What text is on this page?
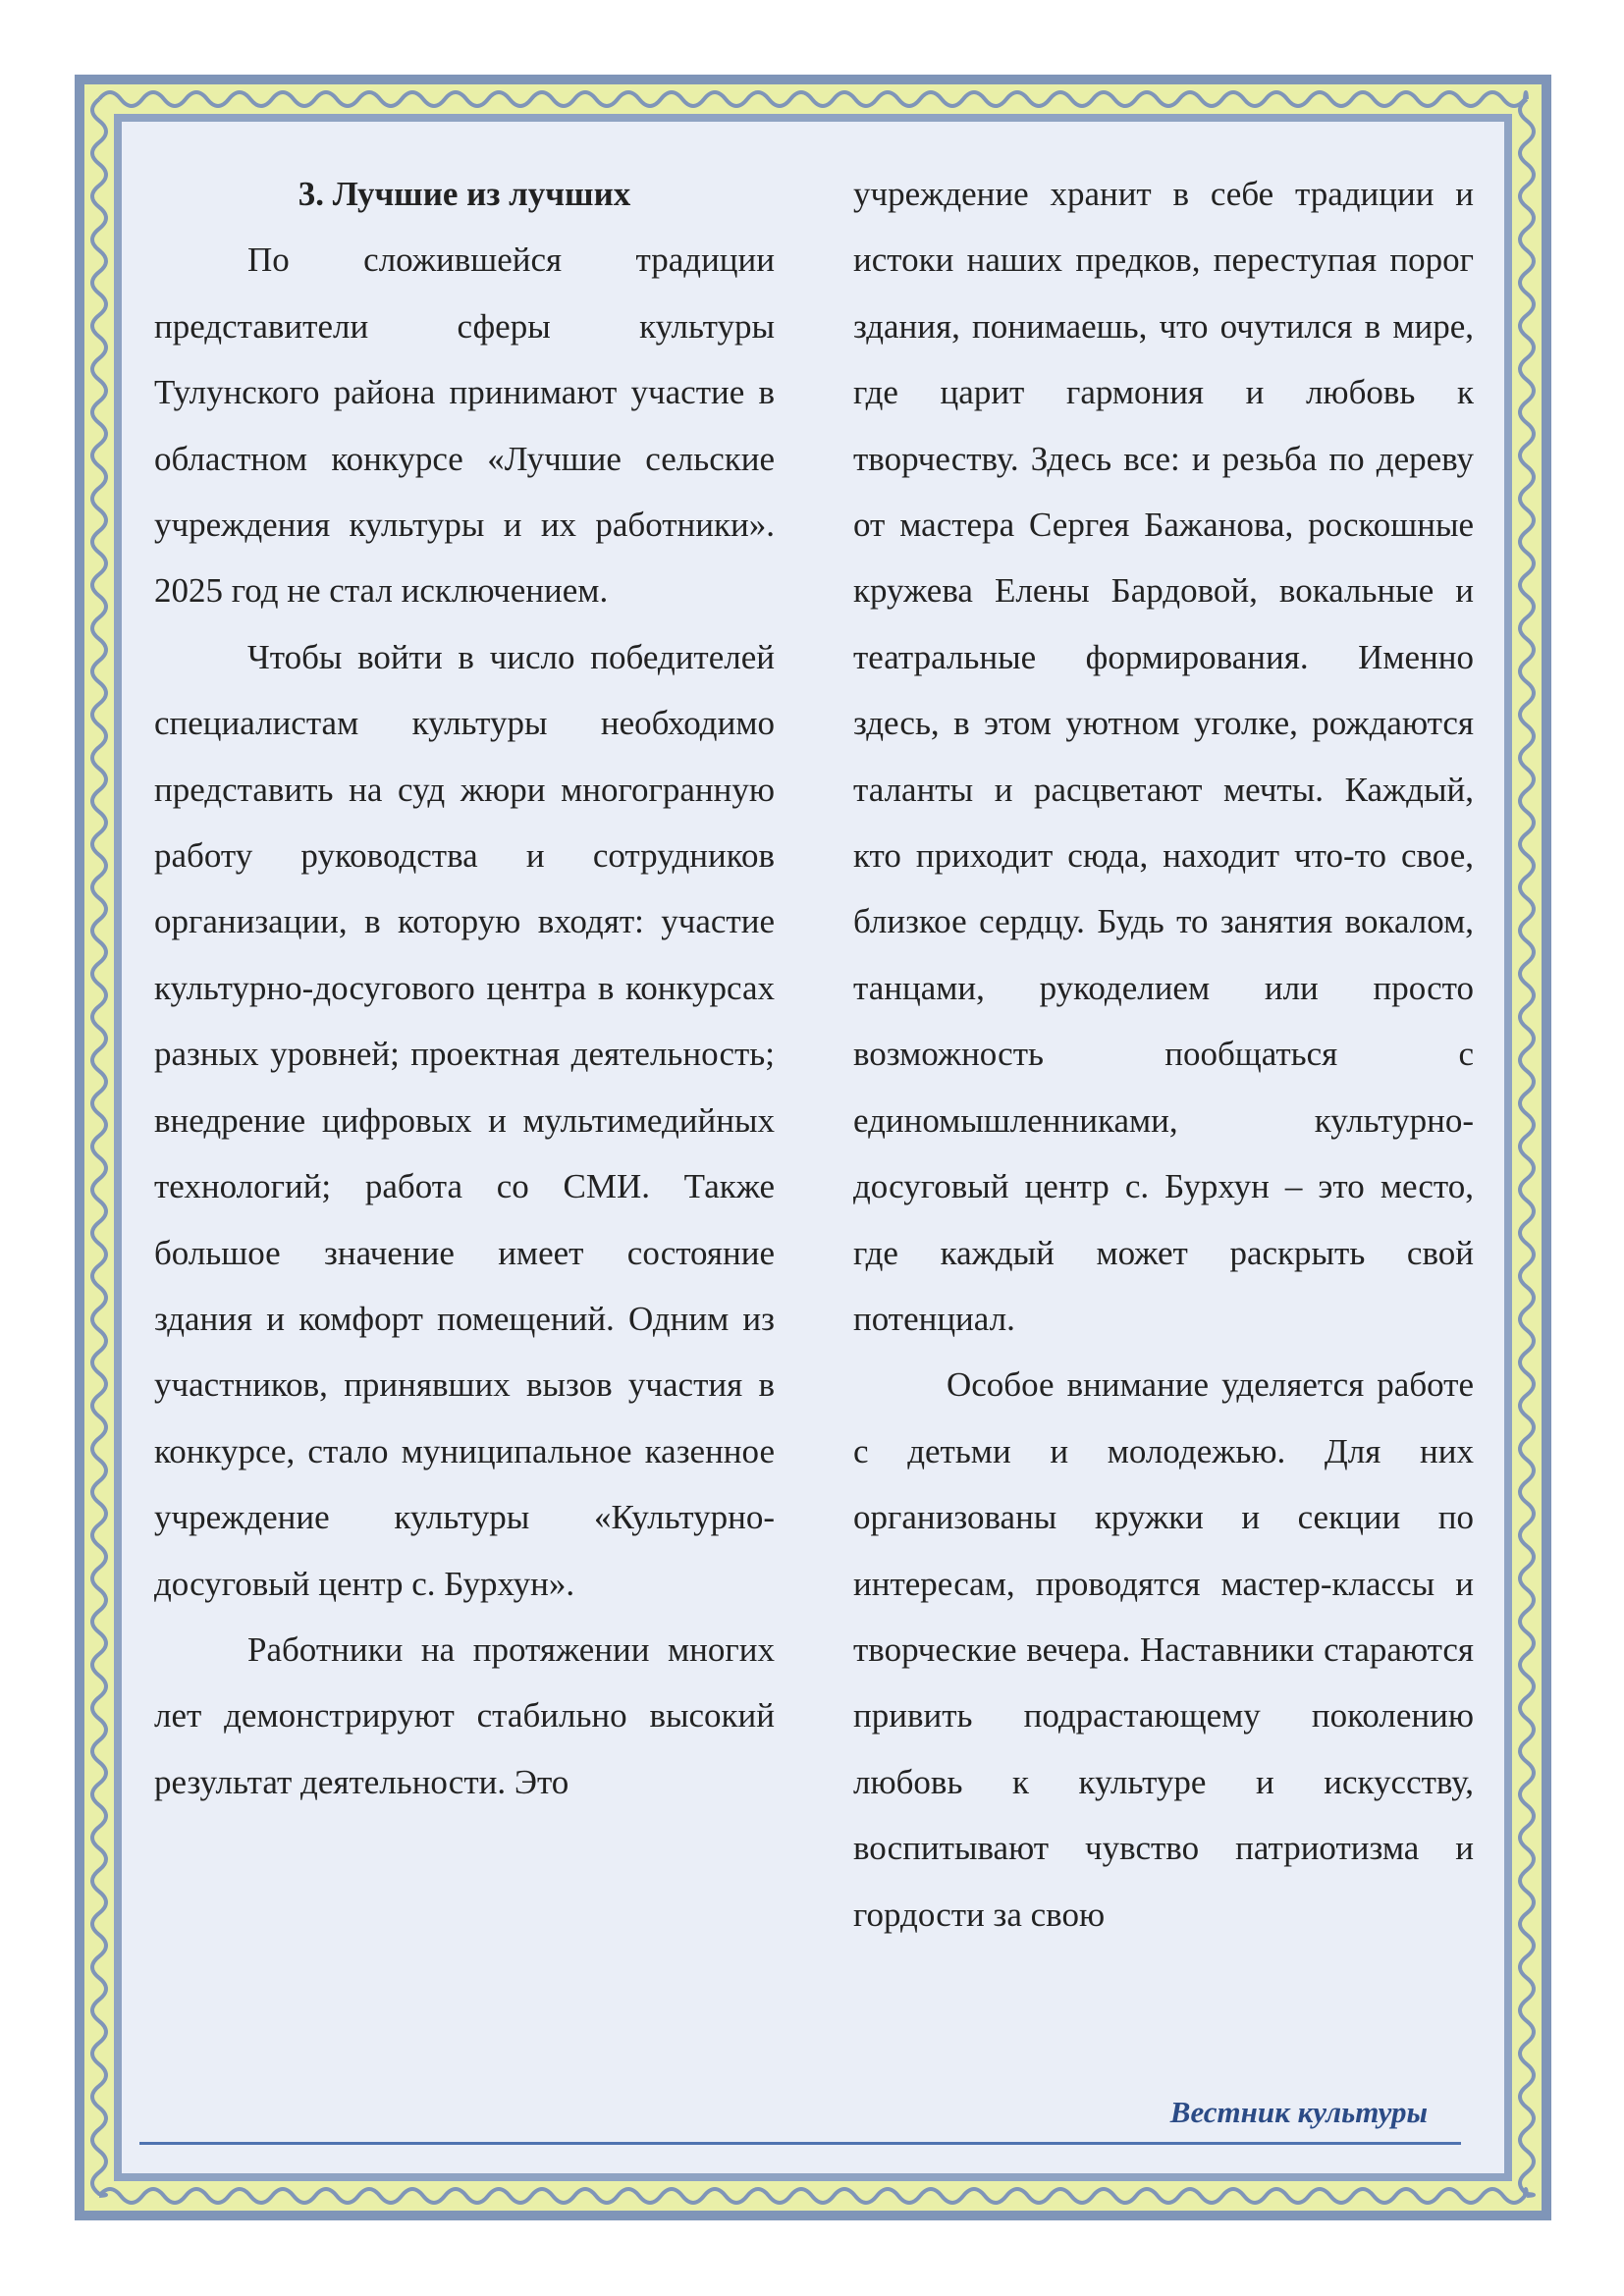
3. Лучшие из лучших

По сложившейся традиции представители сферы культуры Тулунского района принимают участие в областном конкурсе «Лучшие сельские учреждения культуры и их работники». 2025 год не стал исключением.

Чтобы войти в число победителей специалистам культуры необходимо представить на суд жюри многогранную работу руководства и сотрудников организации, в которую входят: участие культурно-досугового центра в конкурсах разных уровней; проектная деятельность; внедрение цифровых и мультимедийных технологий; работа со СМИ. Также большое значение имеет состояние здания и комфорт помещений. Одним из участников, принявших вызов участия в конкурсе, стало муниципальное казенное учреждение культуры «Культурно-досуговый центр с. Бурхун».

Работники на протяжении многих лет демонстрируют стабильно высокий результат деятельности. Это

учреждение хранит в себе традиции и истоки наших предков, переступая порог здания, понимаешь, что очутился в мире, где царит гармония и любовь к творчеству. Здесь все: и резьба по дереву от мастера Сергея Бажанова, роскошные кружева Елены Бардовой, вокальные и театральные формирования. Именно здесь, в этом уютном уголке, рождаются таланты и расцветают мечты. Каждый, кто приходит сюда, находит что-то свое, близкое сердцу. Будь то занятия вокалом, танцами, рукоделием или просто возможность пообщаться с единомышленниками, культурно-досуговый центр с. Бурхун – это место, где каждый может раскрыть свой потенциал.

Особое внимание уделяется работе с детьми и молодежью. Для них организованы кружки и секции по интересам, проводятся мастер-классы и творческие вечера. Наставники стараются привить подрастающему поколению любовь к культуре и искусству, воспитывают чувство патриотизма и гордости за свою

Вестник культуры
